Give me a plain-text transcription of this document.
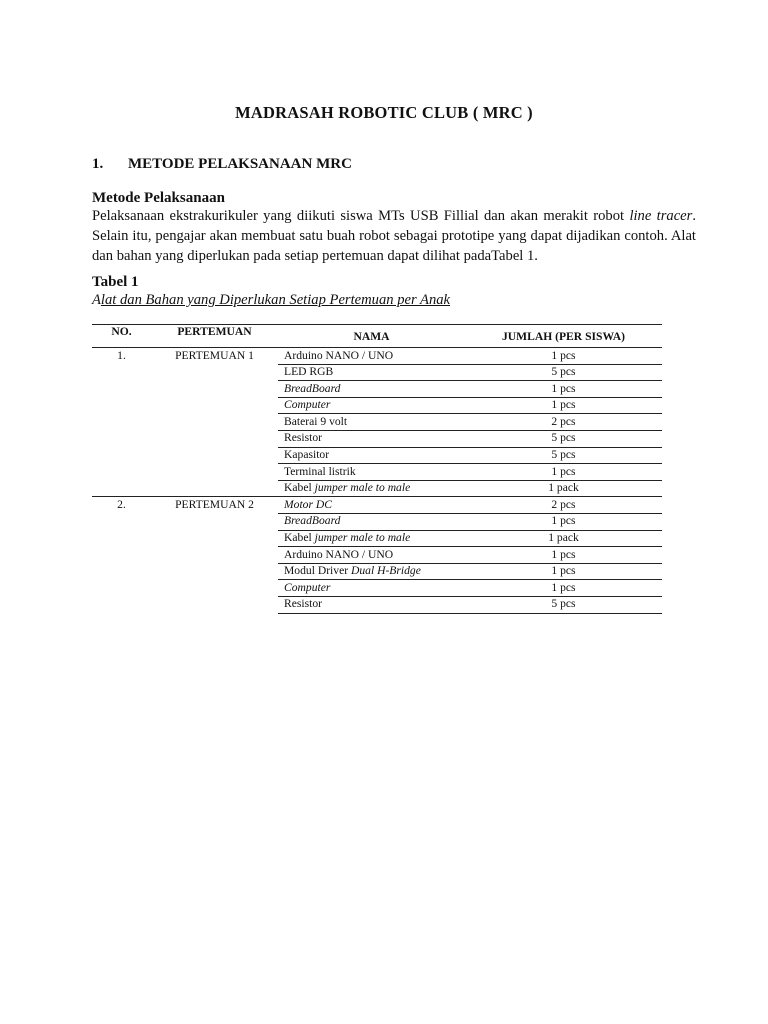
MADRASAH ROBOTIC CLUB ( MRC )
1. METODE PELAKSANAAN MRC
Metode Pelaksanaan

Pelaksanaan ekstrakurikuler yang diikuti siswa MTs USB Fillial dan akan merakit robot line tracer. Selain itu, pengajar akan membuat satu buah robot sebagai prototipe yang dapat dijadikan contoh. Alat dan bahan yang diperlukan pada setiap pertemuan dapat dilihat padaTabel 1.

Tabel 1
Alat dan Bahan yang Diperlukan Setiap Pertemuan per Anak
NO.	PERTEMUAN	NAMA	JUMLAH (PER SISWA)
1.	PERTEMUAN 1	Arduino NANO / UNO	1 pcs
		LED RGB	5 pcs
		BreadBoard	1 pcs
		Computer	1 pcs
		Baterai 9 volt	2 pcs
		Resistor	5 pcs
		Kapasitor	5 pcs
		Terminal listrik	1 pcs
		Kabel jumper male to male	1 pack
2.	PERTEMUAN 2	Motor DC	2 pcs
		BreadBoard	1 pcs
		Kabel jumper male to male	1 pack
		Arduino NANO / UNO	1 pcs
		Modul Driver Dual H-Bridge	1 pcs
		Computer	1 pcs
		Resistor	5 pcs
